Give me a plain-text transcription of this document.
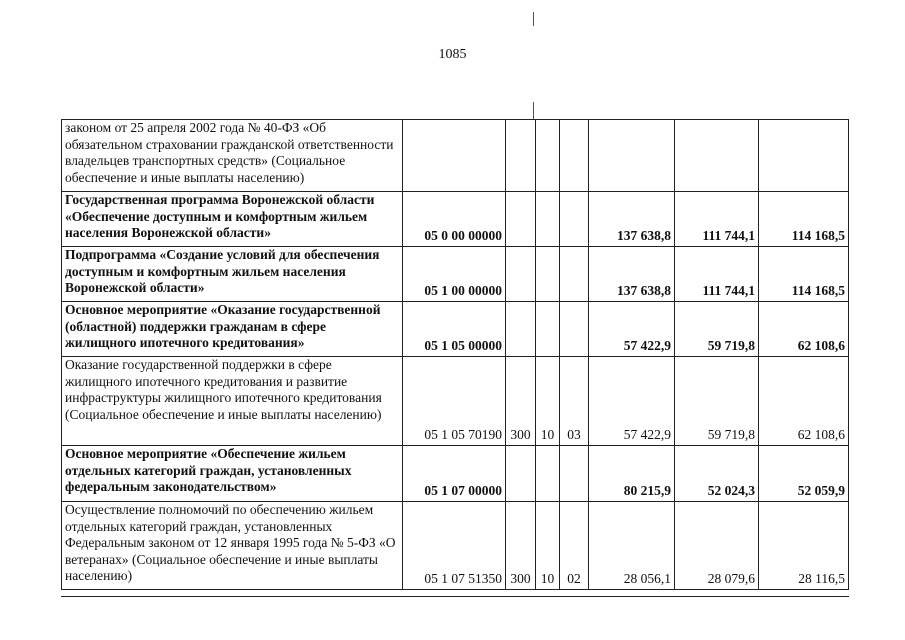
1085
законом от 25 апреля 2002 года № 40-ФЗ «Об обязательном страховании гражданской ответственности владельцев транспортных средств» (Социальное обеспечение и иные выплаты населению)							
Государственная программа Воронежской области «Обеспечение доступным и комфортным жильем населения Воронежской области»	05 0 00 00000				137 638,8	111 744,1	114 168,5
Подпрограмма «Создание условий для обеспечения доступным и комфортным жильем населения Воронежской области»	05 1 00 00000				137 638,8	111 744,1	114 168,5
Основное мероприятие «Оказание государственной (областной) поддержки гражданам в сфере жилищного ипотечного кредитования»	05 1 05 00000				57 422,9	59 719,8	62 108,6
Оказание государственной поддержки в сфере жилищного ипотечного кредитования и развитие инфраструктуры жилищного ипотечного кредитования (Социальное обеспечение и иные выплаты населению)	05 1 05 70190	300	10	03	57 422,9	59 719,8	62 108,6
Основное мероприятие «Обеспечение жильем отдельных категорий граждан, установленных федеральным законодательством»	05 1 07 00000				80 215,9	52 024,3	52 059,9
Осуществление полномочий по обеспечению жильем отдельных категорий граждан, установленных Федеральным законом от 12 января 1995 года № 5-ФЗ «О ветеранах» (Социальное обеспечение и иные выплаты населению)	05 1 07 51350	300	10	02	28 056,1	28 079,6	28 116,5
